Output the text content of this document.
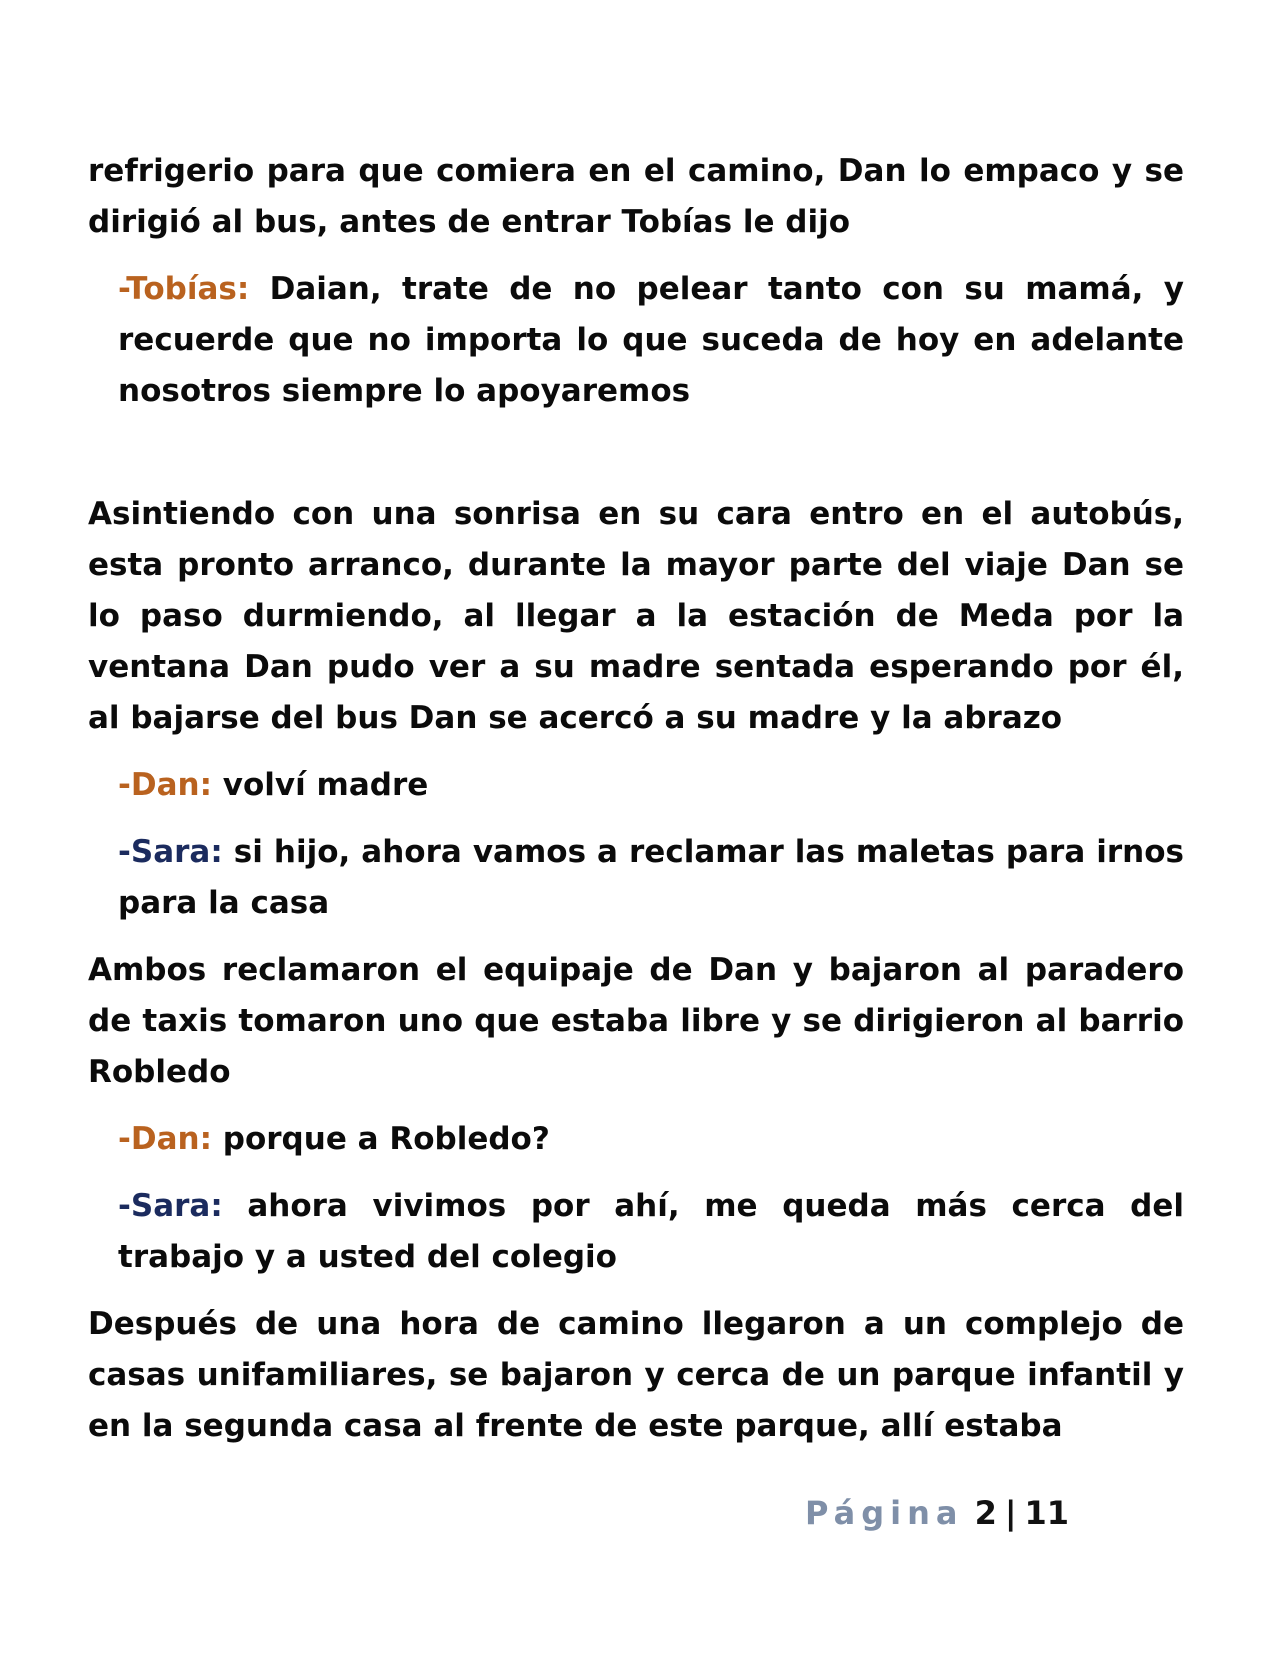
refrigerio para que comiera en el camino, Dan lo empaco y se dirigió al bus, antes de entrar Tobías le dijo

-Tobías: Daian, trate de no pelear tanto con su mamá, y recuerde que no importa lo que suceda de hoy en adelante nosotros siempre lo apoyaremos

Asintiendo con una sonrisa en su cara entro en el autobús, esta pronto arranco, durante la mayor parte del viaje Dan se lo paso durmiendo, al llegar a la estación de Meda por la ventana Dan pudo ver a su madre sentada esperando por él, al bajarse del bus Dan se acercó a su madre y la abrazo

-Dan: volví madre

-Sara: si hijo, ahora vamos a reclamar las maletas para irnos para la casa

Ambos reclamaron el equipaje de Dan y bajaron al paradero de taxis tomaron uno que estaba libre y se dirigieron al barrio Robledo

-Dan: porque a Robledo?

-Sara: ahora vivimos por ahí, me queda más cerca del trabajo y a usted del colegio

Después de una hora de camino llegaron a un complejo de casas unifamiliares, se bajaron y cerca de un parque infantil y en la segunda casa al frente de este parque, allí estaba

Página 2 | 11
